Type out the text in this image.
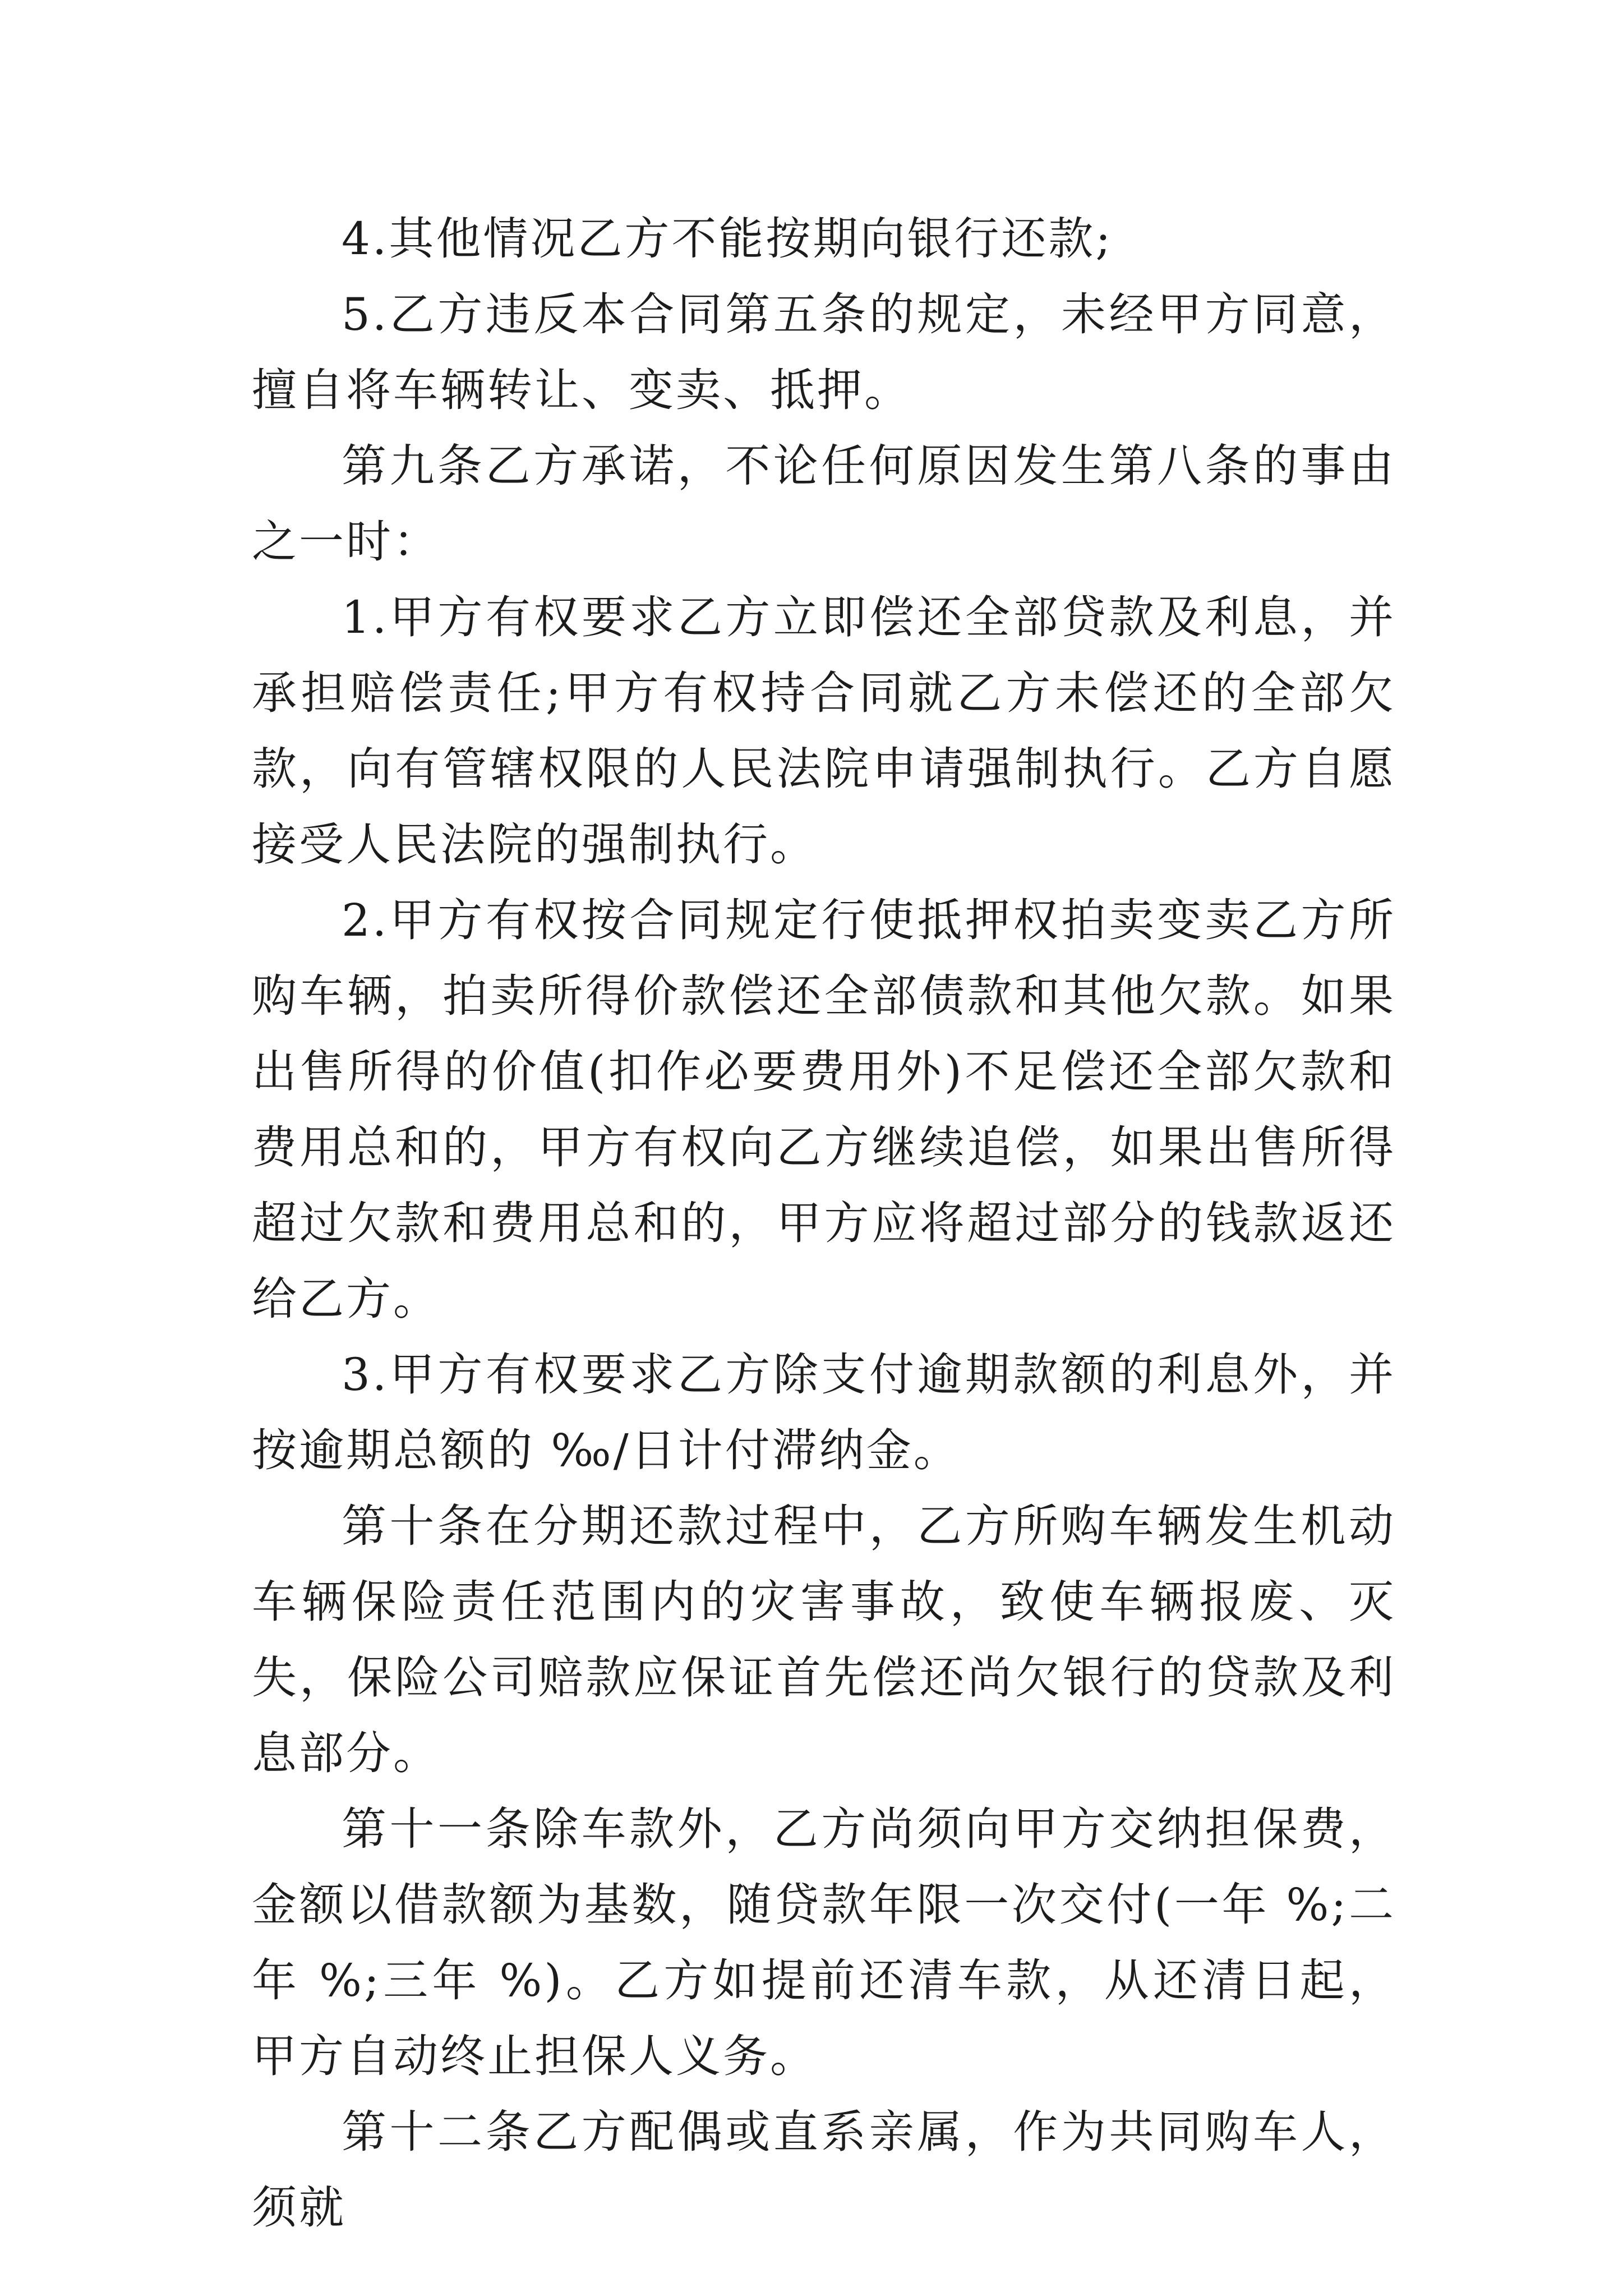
4.其他情况乙方不能按期向银行还款;

5.乙方违反本合同第五条的规定，未经甲方同意，擅自将车辆转让、变卖、抵押。

第九条乙方承诺，不论任何原因发生第八条的事由之一时：

1.甲方有权要求乙方立即偿还全部贷款及利息，并承担赔偿责任;甲方有权持合同就乙方未偿还的全部欠款，向有管辖权限的人民法院申请强制执行。乙方自愿接受人民法院的强制执行。

2.甲方有权按合同规定行使抵押权拍卖变卖乙方所购车辆，拍卖所得价款偿还全部债款和其他欠款。如果出售所得的价值(扣作必要费用外)不足偿还全部欠款和费用总和的，甲方有权向乙方继续追偿，如果出售所得超过欠款和费用总和的，甲方应将超过部分的钱款返还给乙方。

3.甲方有权要求乙方除支付逾期款额的利息外，并按逾期总额的 ‰/日计付滞纳金。

第十条在分期还款过程中，乙方所购车辆发生机动车辆保险责任范围内的灾害事故，致使车辆报废、灭失，保险公司赔款应保证首先偿还尚欠银行的贷款及利息部分。

第十一条除车款外，乙方尚须向甲方交纳担保费，金额以借款额为基数，随贷款年限一次交付(一年 %;二年 %;三年 %)。乙方如提前还清车款，从还清日起，甲方自动终止担保人义务。

第十二条乙方配偶或直系亲属，作为共同购车人，须就
